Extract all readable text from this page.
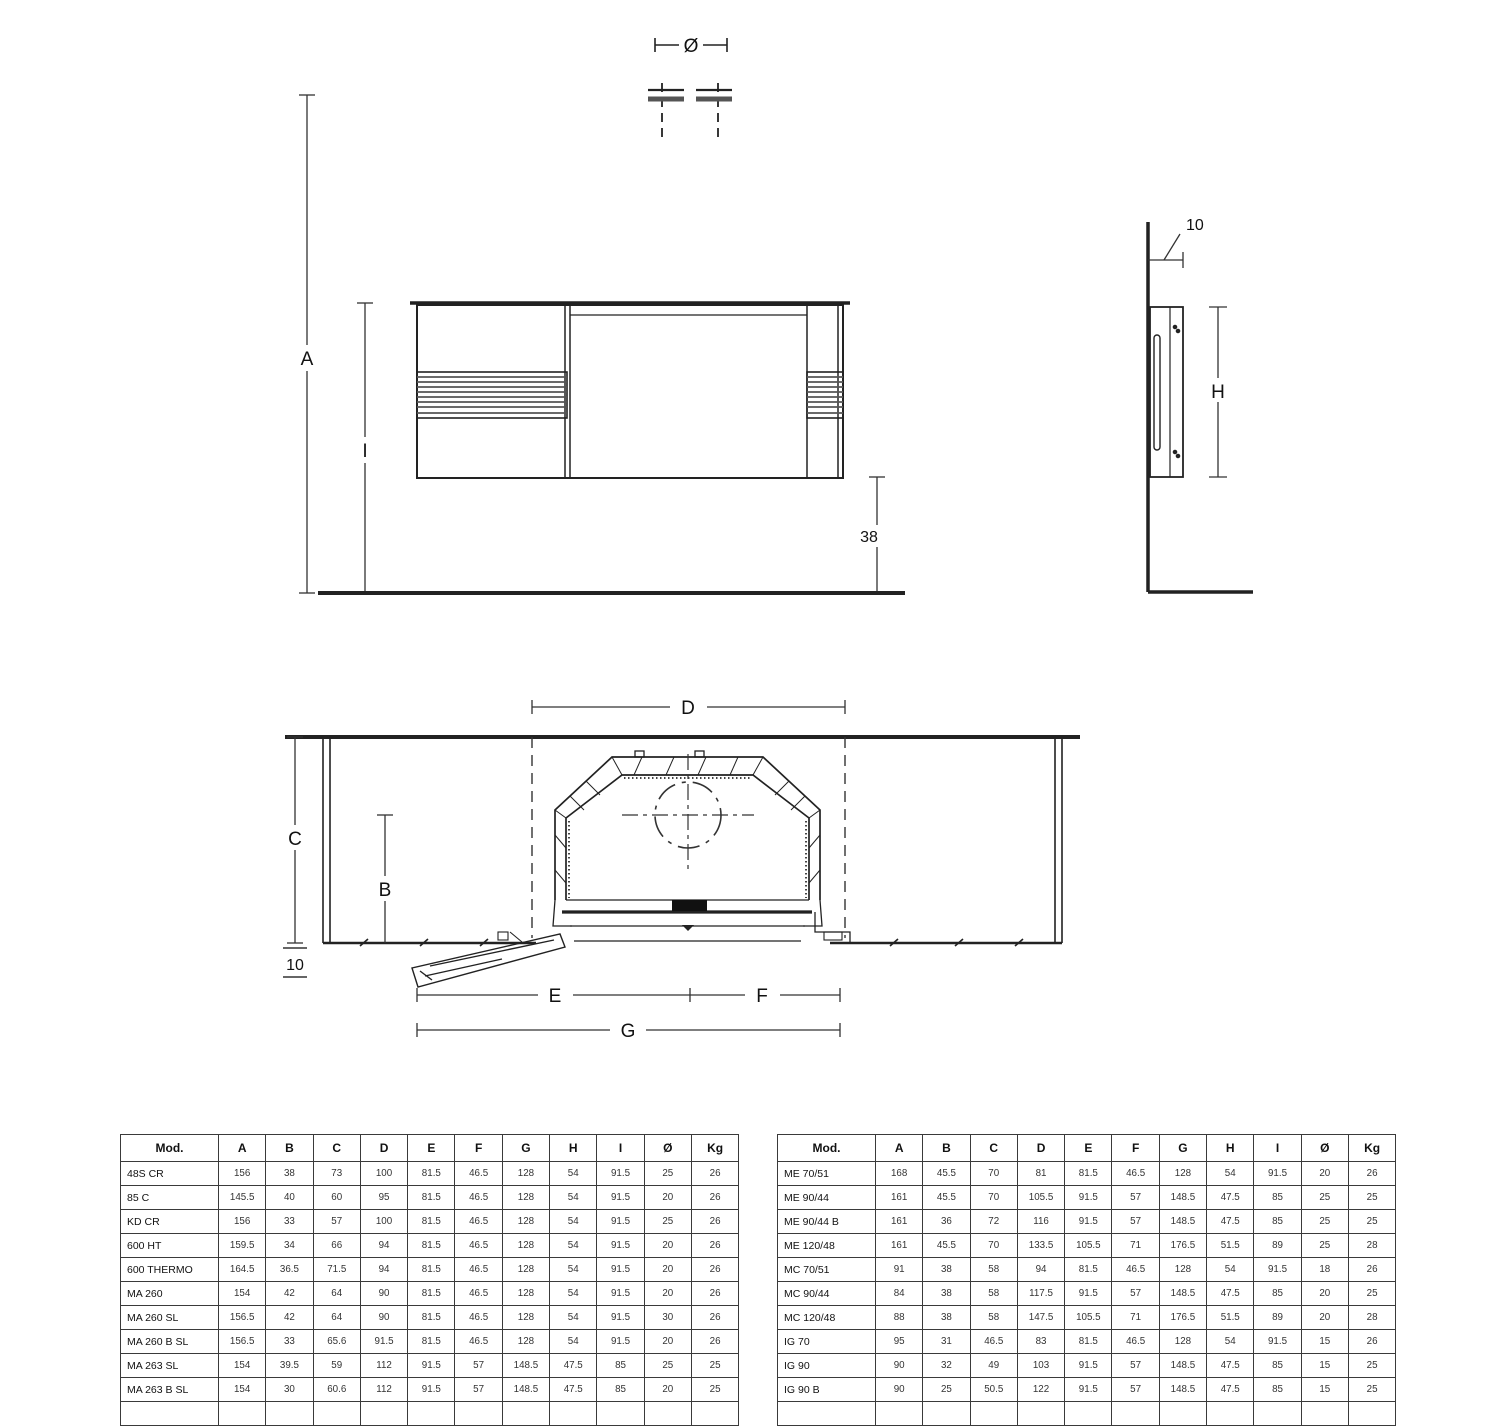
Ø
A
I
38
10
H
D
C
B
10
E	F
G
Mod.	A	B	C	D	E	F	G	H	I	Ø	Kg
48S CR	156	38	73	100	81.5	46.5	128	54	91.5	25	26
85 C	145.5	40	60	95	81.5	46.5	128	54	91.5	20	26
KD CR	156	33	57	100	81.5	46.5	128	54	91.5	25	26
600 HT	159.5	34	66	94	81.5	46.5	128	54	91.5	20	26
600 THERMO	164.5	36.5	71.5	94	81.5	46.5	128	54	91.5	20	26
MA 260	154	42	64	90	81.5	46.5	128	54	91.5	20	26
MA 260 SL	156.5	42	64	90	81.5	46.5	128	54	91.5	30	26
MA 260 B SL	156.5	33	65.6	91.5	81.5	46.5	128	54	91.5	20	26
MA 263 SL	154	39.5	59	112	91.5	57	148.5	47.5	85	25	25
MA 263 B SL	154	30	60.6	112	91.5	57	148.5	47.5	85	20	25

Mod.	A	B	C	D	E	F	G	H	I	Ø	Kg
ME 70/51	168	45.5	70	81	81.5	46.5	128	54	91.5	20	26
ME 90/44	161	45.5	70	105.5	91.5	57	148.5	47.5	85	25	25
ME 90/44 B	161	36	72	116	91.5	57	148.5	47.5	85	25	25
ME 120/48	161	45.5	70	133.5	105.5	71	176.5	51.5	89	25	28
MC 70/51	91	38	58	94	81.5	46.5	128	54	91.5	18	26
MC 90/44	84	38	58	117.5	91.5	57	148.5	47.5	85	20	25
MC 120/48	88	38	58	147.5	105.5	71	176.5	51.5	89	20	28
IG 70	95	31	46.5	83	81.5	46.5	128	54	91.5	15	26
IG 90	90	32	49	103	91.5	57	148.5	47.5	85	15	25
IG 90 B	90	25	50.5	122	91.5	57	148.5	47.5	85	15	25
